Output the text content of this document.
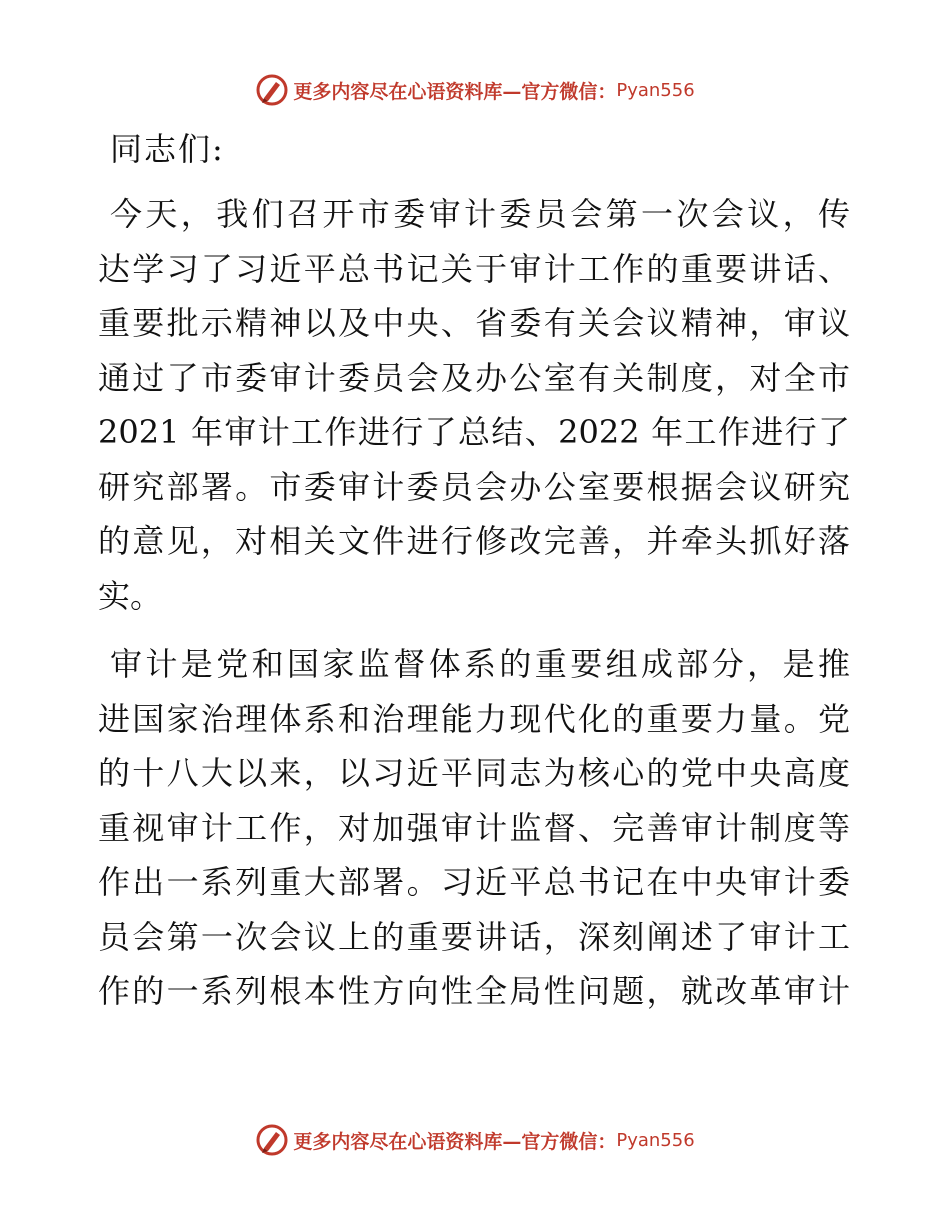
更多内容尽在心语资料库—官方微信： Pyan556
同志们:
今天，我们召开市委审计委员会第一次会议，传
达学习了习近平总书记关于审计工作的重要讲话、
重要批示精神以及中央、省委有关会议精神，审议
通过了市委审计委员会及办公室有关制度，对全市
2021 年审计工作进行了总结、2022 年工作进行了
研究部署。市委审计委员会办公室要根据会议研究
的意见，对相关文件进行修改完善，并牵头抓好落
实。
审计是党和国家监督体系的重要组成部分，是推
进国家治理体系和治理能力现代化的重要力量。党
的十八大以来，以习近平同志为核心的党中央高度
重视审计工作，对加强审计监督、完善审计制度等
作出一系列重大部署。习近平总书记在中央审计委
员会第一次会议上的重要讲话，深刻阐述了审计工
作的一系列根本性方向性全局性问题，就改革审计
更多内容尽在心语资料库—官方微信： Pyan556
